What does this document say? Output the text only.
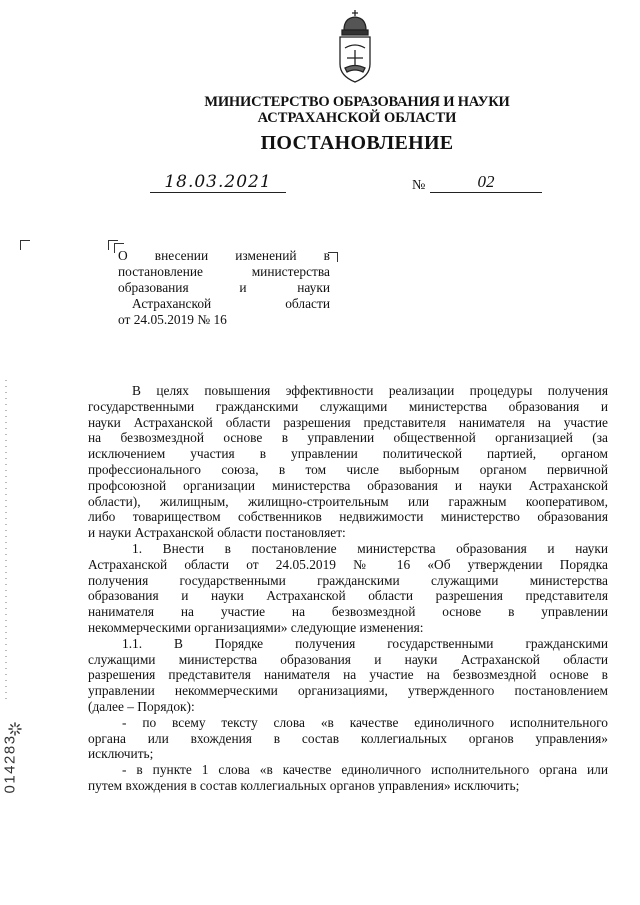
МИНИСТЕРСТВО ОБРАЗОВАНИЯ И НАУКИ
АСТРАХАНСКОЙ ОБЛАСТИ
ПОСТАНОВЛЕНИЕ
18.03.2021	№	02
О внесении изменений в
постановление министерства
образования и науки
Астраханской области
от 24.05.2019 № 16
В целях повышения эффективности реализации процедуры получения
государственными гражданскими служащими министерства образования и
науки Астраханской области разрешения представителя нанимателя на участие
на безвозмездной основе в управлении общественной организацией (за
исключением участия в управлении политической партией, органом
профессионального союза, в том числе выборным органом первичной
профсоюзной организации министерства образования и науки Астраханской
области), жилищным, жилищно-строительным или гаражным кооперативом,
либо товариществом собственников недвижимости министерство образования
и науки Астраханской области постановляет:
1. Внести в постановление министерства образования и науки
Астраханской области от 24.05.2019 № 16 «Об утверждении Порядка
получения государственными гражданскими служащими министерства
образования и науки Астраханской области разрешения представителя
нанимателя на участие на безвозмездной основе в управлении
некоммерческими организациями» следующие изменения:
1.1. В Порядке получения государственными гражданскими
служащими министерства образования и науки Астраханской области
разрешения представителя нанимателя на участие на безвозмездной основе в
управлении некоммерческими организациями, утвержденного постановлением
(далее – Порядок):
- по всему тексту слова «в качестве единоличного исполнительного
органа или вхождения в состав коллегиальных органов управления»
исключить;
- в пункте 1 слова «в качестве единоличного исполнительного органа или
путем вхождения в состав коллегиальных органов управления» исключить;
014283
